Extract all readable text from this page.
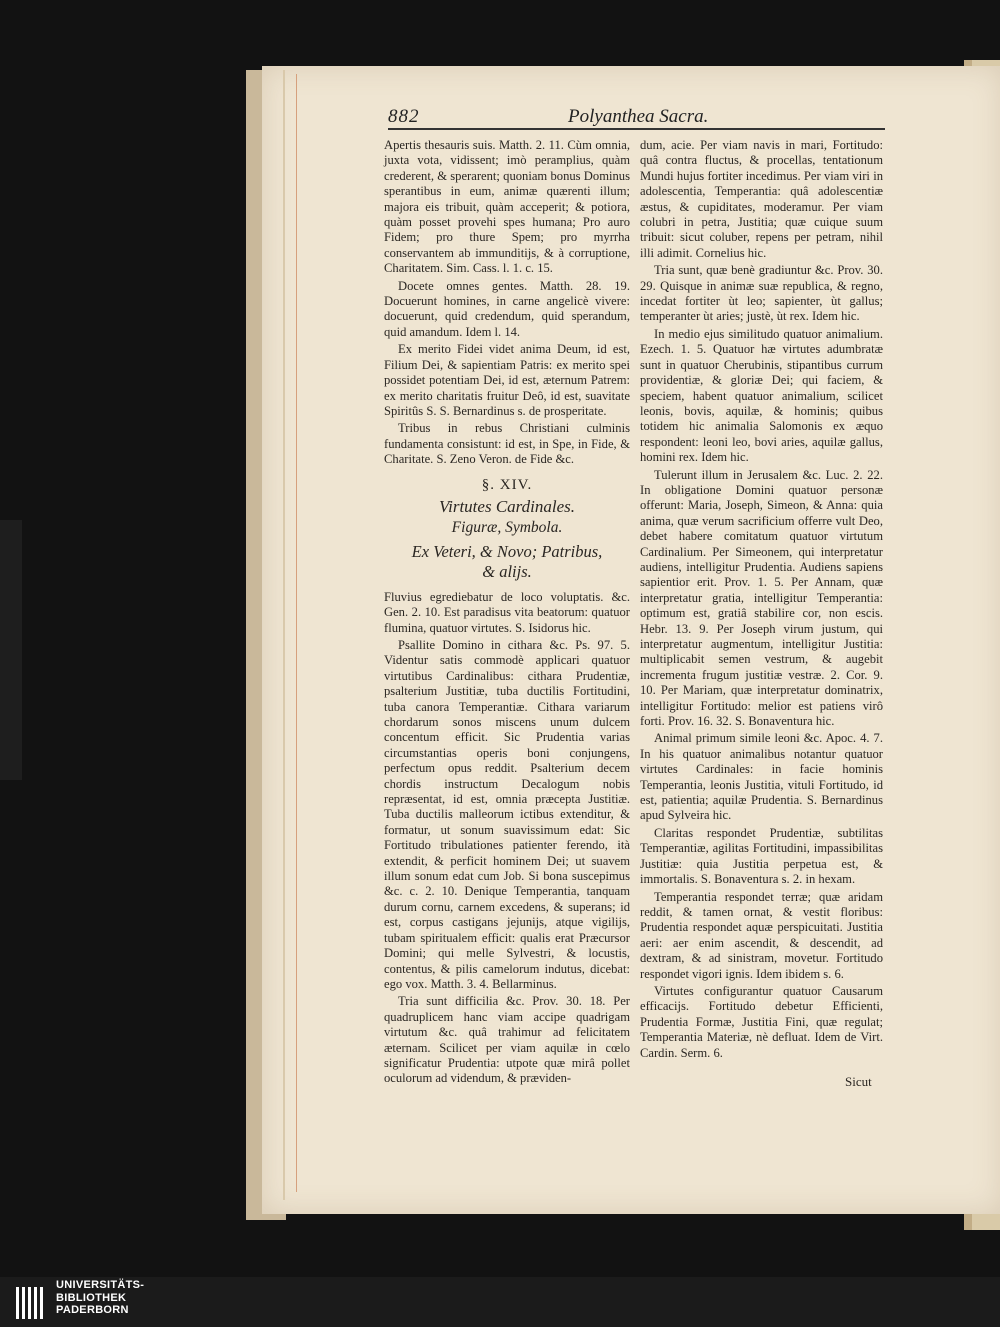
882	Polyanthea Sacra.

Apertis thesauris suis. Matth. 2. 11. Cùm omnia, juxta vota, vidissent; imò peramplius, quàm crederent, & sperarent; quoniam bonus Dominus sperantibus in eum, animæ quærenti illum; majora eis tribuit, quàm acceperit; & potiora, quàm posset provehi spes humana; Pro auro Fidem; pro thure Spem; pro myrrha conservantem ab immunditijs, & à corruptione, Charitatem. Sim. Cass. l. 1. c. 15.

Docete omnes gentes. Matth. 28. 19. Docuerunt homines, in carne angelicè vivere: docuerunt, quid credendum, quid sperandum, quid amandum. Idem l. 14.

Ex merito Fidei videt anima Deum, id est, Filium Dei, & sapientiam Patris: ex merito spei possidet potentiam Dei, id est, æternum Patrem: ex merito charitatis fruitur Deô, id est, suavitate Spiritûs S. S. Bernardinus s. de prosperitate.

Tribus in rebus Christiani culminis fundamenta consistunt: id est, in Spe, in Fide, & Charitate. S. Zeno Veron. de Fide &c.

§. XIV.
Virtutes Cardinales.
Figuræ, Symbola.
Ex Veteri, & Novo; Patribus,
& alijs.

Fluvius egrediebatur de loco voluptatis. &c. Gen. 2. 10. Est paradisus vita beatorum: quatuor flumina, quatuor virtutes. S. Isidorus hic.

Psallite Domino in cithara &c. Ps. 97. 5. Videntur satis commodè applicari quatuor virtutibus Cardinalibus: cithara Prudentiæ, psalterium Justitiæ, tuba ductilis Fortitudini, tuba canora Temperantiæ. Cithara variarum chordarum sonos miscens unum dulcem concentum efficit. Sic Prudentia varias circumstantias operis boni conjungens, perfectum opus reddit. Psalterium decem chordis instructum Decalogum nobis repræsentat, id est, omnia præcepta Justitiæ. Tuba ductilis malleorum ictibus extenditur, & formatur, ut sonum suavissimum edat: Sic Fortitudo tribulationes patienter ferendo, ità extendit, & perficit hominem Dei; ut suavem illum sonum edat cum Job. Si bona suscepimus &c. c. 2. 10. Denique Temperantia, tanquam durum cornu, carnem excedens, & superans; id est, corpus castigans jejunijs, atque vigilijs, tubam spiritualem efficit: qualis erat Præcursor Domini; qui melle Sylvestri, & locustis, contentus, & pilis camelorum indutus, dicebat: ego vox. Matth. 3. 4. Bellarminus.

Tria sunt difficilia &c. Prov. 30. 18. Per quadruplicem hanc viam accipe quadrigam virtutum &c. quâ trahimur ad felicitatem æternam. Scilicet per viam aquilæ in cœlo significatur Prudentia: utpote quæ mirâ pollet oculorum ad videndum, & præviden-

dum, acie. Per viam navis in mari, Fortitudo: quâ contra fluctus, & procellas, tentationum Mundi hujus fortiter incedimus. Per viam viri in adolescentia, Temperantia: quâ adolescentiæ æstus, & cupiditates, moderamur. Per viam colubri in petra, Justitia; quæ cuique suum tribuit: sicut coluber, repens per petram, nihil illi adimit. Cornelius hic.

Tria sunt, quæ benè gradiuntur &c. Prov. 30. 29. Quisque in animæ suæ republica, & regno, incedat fortiter ùt leo; sapienter, ùt gallus; temperanter ùt aries; justè, ùt rex. Idem hic.

In medio ejus similitudo quatuor animalium. Ezech. 1. 5. Quatuor hæ virtutes adumbratæ sunt in quatuor Cherubinis, stipantibus currum providentiæ, & gloriæ Dei; qui faciem, & speciem, habent quatuor animalium, scilicet leonis, bovis, aquilæ, & hominis; quibus totidem hic animalia Salomonis ex æquo respondent: leoni leo, bovi aries, aquilæ gallus, homini rex. Idem hic.

Tulerunt illum in Jerusalem &c. Luc. 2. 22. In obligatione Domini quatuor personæ offerunt: Maria, Joseph, Simeon, & Anna: quia anima, quæ verum sacrificium offerre vult Deo, debet habere comitatum quatuor virtutum Cardinalium. Per Simeonem, qui interpretatur audiens, intelligitur Prudentia. Audiens sapiens sapientior erit. Prov. 1. 5. Per Annam, quæ interpretatur gratia, intelligitur Temperantia: optimum est, gratiâ stabilire cor, non escis. Hebr. 13. 9. Per Joseph virum justum, qui interpretatur augmentum, intelligitur Justitia: multiplicabit semen vestrum, & augebit incrementa frugum justitiæ vestræ. 2. Cor. 9. 10. Per Mariam, quæ interpretatur dominatrix, intelligitur Fortitudo: melior est patiens virô forti. Prov. 16. 32. S. Bonaventura hic.

Animal primum simile leoni &c. Apoc. 4. 7. In his quatuor animalibus notantur quatuor virtutes Cardinales: in facie hominis Temperantia, leonis Justitia, vituli Fortitudo, id est, patientia; aquilæ Prudentia. S. Bernardinus apud Sylveira hic.

Claritas respondet Prudentiæ, subtilitas Temperantiæ, agilitas Fortitudini, impassibilitas Justitiæ: quia Justitia perpetua est, & immortalis. S. Bonaventura s. 2. in hexam.

Temperantia respondet terræ; quæ aridam reddit, & tamen ornat, & vestit floribus: Prudentia respondet aquæ perspicuitati. Justitia aeri: aer enim ascendit, & descendit, ad dextram, & ad sinistram, movetur. Fortitudo respondet vigori ignis. Idem ibidem s. 6.

Virtutes configurantur quatuor Causarum efficacijs. Fortitudo debetur Efficienti, Prudentia Formæ, Justitia Fini, quæ regulat; Temperantia Materiæ, nè defluat. Idem de Virt. Cardin. Serm. 6.

Sicut
UNIVERSITÄTS-
BIBLIOTHEK
PADERBORN
